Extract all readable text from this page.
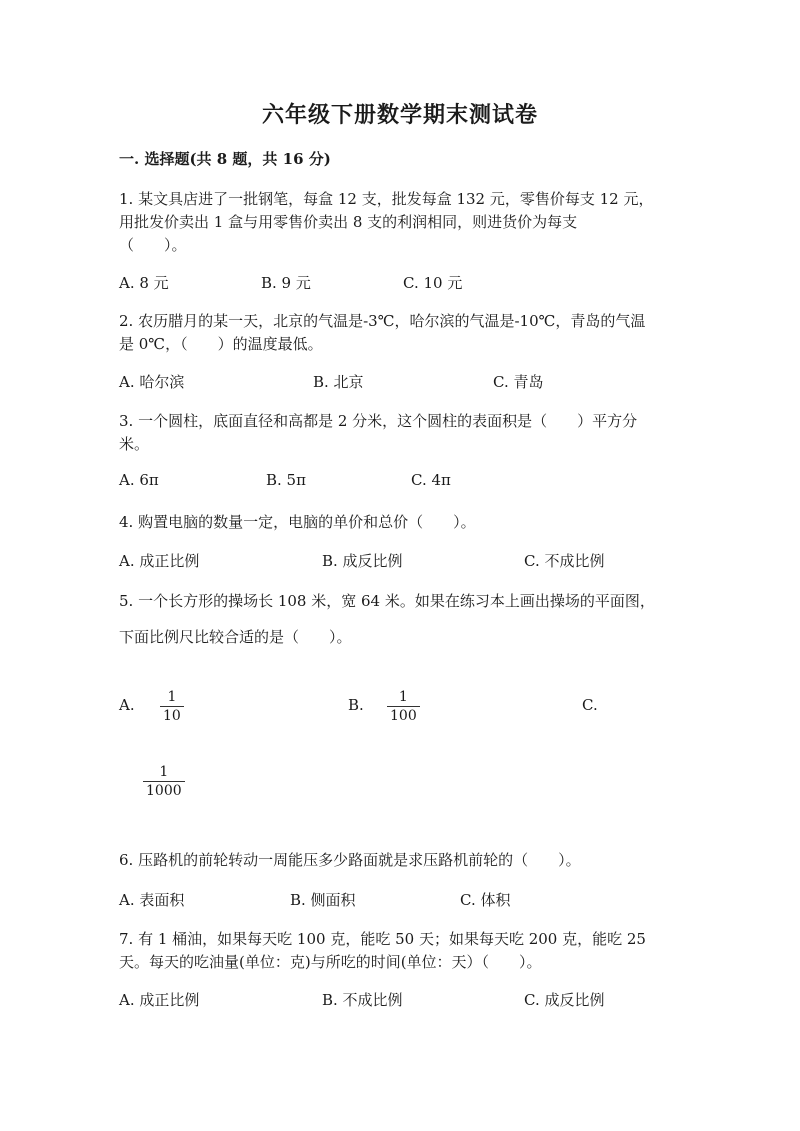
六年级下册数学期末测试卷
一. 选择题(共 8 题，共 16 分)
1. 某文具店进了一批钢笔，每盒 12 支，批发每盒 132 元，零售价每支 12 元，
用批发价卖出 1 盒与用零售价卖出 8 支的利润相同，则进货价为每支
（　　）。
A. 8 元	B. 9 元	C. 10 元
2. 农历腊月的某一天，北京的气温是-3℃，哈尔滨的气温是-10℃，青岛的气温
是 0℃，（　　）的温度最低。
A. 哈尔滨	B. 北京	C. 青岛
3. 一个圆柱，底面直径和高都是 2 分米，这个圆柱的表面积是（　　）平方分
米。
A. 6π	B. 5π	C. 4π
4. 购置电脑的数量一定，电脑的单价和总价（　　）。
A. 成正比例	B. 成反比例	C. 不成比例
5. 一个长方形的操场长 108 米，宽 64 米。如果在练习本上画出操场的平面图，
下面比例尺比较合适的是（　　）。
A. 1
10
B.	1
100
C.
1
1000
6. 压路机的前轮转动一周能压多少路面就是求压路机前轮的（　　）。
A. 表面积	B. 侧面积	C. 体积
7. 有 1 桶油，如果每天吃 100 克，能吃 50 天；如果每天吃 200 克，能吃 25
天。每天的吃油量(单位：克)与所吃的时间(单位：天）（　　）。
A. 成正比例	B. 不成比例	C. 成反比例
